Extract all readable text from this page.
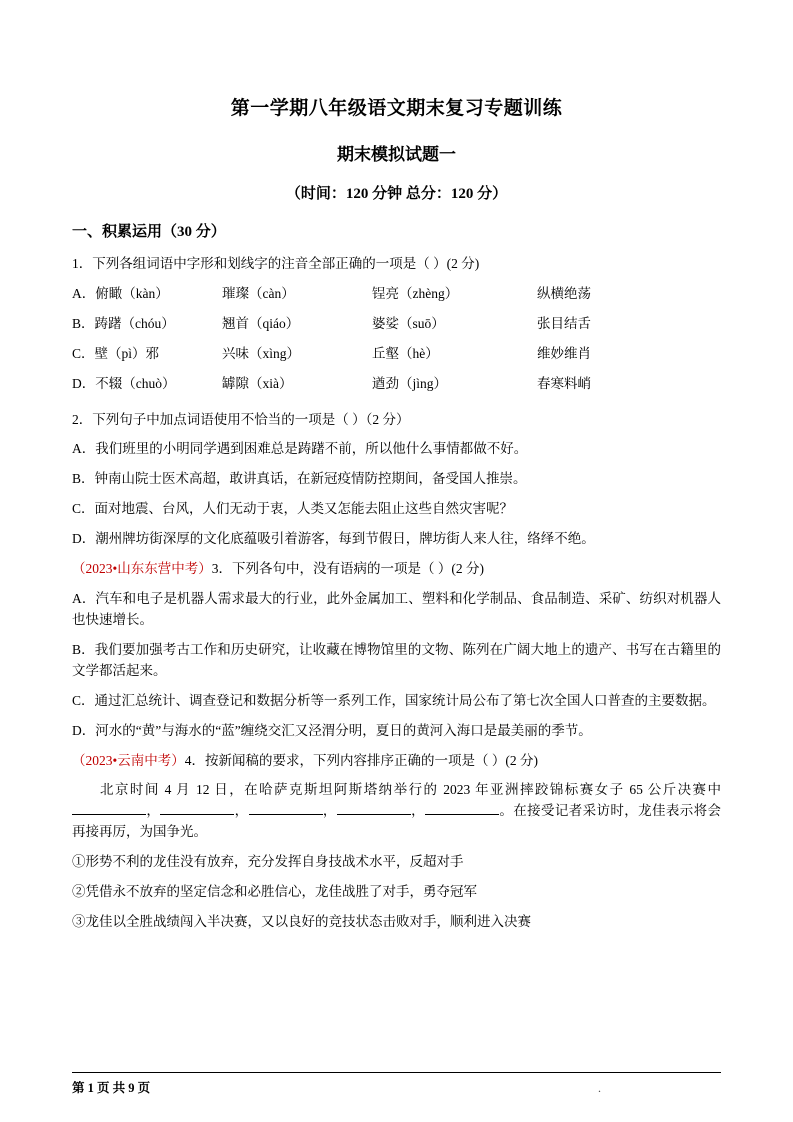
第一学期八年级语文期末复习专题训练
期末模拟试题一
（时间：120 分钟 总分：120 分）
一、积累运用（30 分）
1．下列各组词语中字形和划线字的注音全部正确的一项是（ ）(2 分)
A．俯瞰（kàn）	璀璨（càn）	锃亮（zhèng）	纵横绝荡
B．踌躇（chóu）	翘首（qiáo）	婆娑（suō）	张目结舌
C．壁（pì）邪	兴味（xìng）	丘壑（hè）	维妙维肖
D．不辍（chuò）	罅隙（xià）	遒劲（jìng）	春寒料峭
2．下列句子中加点词语使用不恰当的一项是（ ）（2 分）
A．我们班里的小明同学遇到困难总是踌躇不前，所以他什么事情都做不好。
B．钟南山院士医术高超，敢讲真话，在新冠疫情防控期间，备受国人推崇。
C．面对地震、台风，人们无动于衷，人类又怎能去阻止这些自然灾害呢？
D．潮州牌坊街深厚的文化底蕴吸引着游客，每到节假日，牌坊街人来人往，络绎不绝。
（2023•山东东营中考）3．下列各句中，没有语病的一项是（ ）(2 分)
A．汽车和电子是机器人需求最大的行业，此外金属加工、塑料和化学制品、食品制造、采矿、纺织对机器人也快速增长。
B．我们要加强考古工作和历史研究，让收藏在博物馆里的文物、陈列在广阔大地上的遗产、书写在古籍里的文学都活起来。
C．通过汇总统计、调查登记和数据分析等一系列工作，国家统计局公布了第七次全国人口普查的主要数据。
D．河水的“黄”与海水的“蓝”缠绕交汇又泾渭分明，夏日的黄河入海口是最美丽的季节。
（2023•云南中考）4．按新闻稿的要求，下列内容排序正确的一项是（ ）(2 分)
北京时间 4 月 12 日，在哈萨克斯坦阿斯塔纳举行的 2023 年亚洲摔跤锦标赛女子 65 公斤决赛中，	，	，	，	。在接受记者采访时，龙佳表示将会再接再厉，为国争光。
①形势不利的龙佳没有放弃，充分发挥自身技战术水平，反超对手
②凭借永不放弃的坚定信念和必胜信心，龙佳战胜了对手，勇夺冠军
③龙佳以全胜战绩闯入半决赛，又以良好的竞技状态击败对手，顺利进入决赛
第 1 页 共 9 页	.
